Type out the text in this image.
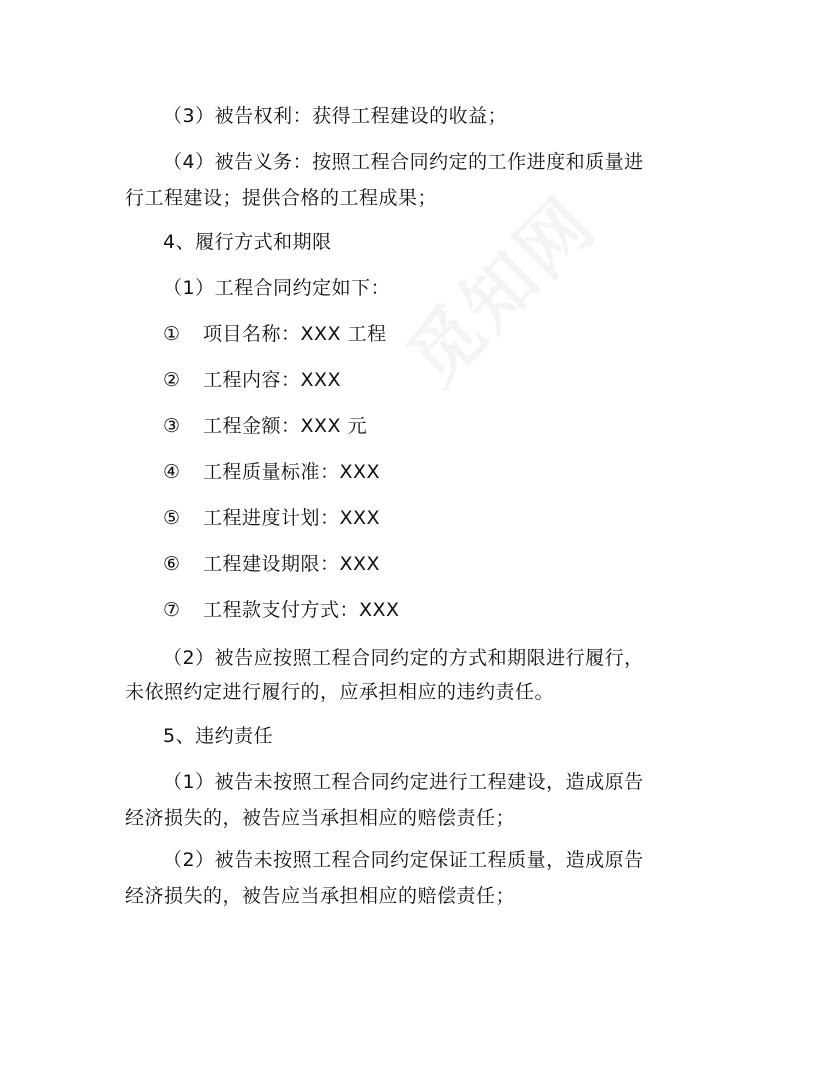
（3）被告权利：获得工程建设的收益；
（4）被告义务：按照工程合同约定的工作进度和质量进
行工程建设；提供合格的工程成果；
4、履行方式和期限
（1）工程合同约定如下：
① 项目名称：XXX 工程
② 工程内容：XXX
③ 工程金额：XXX 元
④ 工程质量标准：XXX
⑤ 工程进度计划：XXX
⑥ 工程建设期限：XXX
⑦ 工程款支付方式：XXX
（2）被告应按照工程合同约定的方式和期限进行履行，
未依照约定进行履行的，应承担相应的违约责任。
5、违约责任
（1）被告未按照工程合同约定进行工程建设，造成原告
经济损失的，被告应当承担相应的赔偿责任；
（2）被告未按照工程合同约定保证工程质量，造成原告
经济损失的，被告应当承担相应的赔偿责任；
